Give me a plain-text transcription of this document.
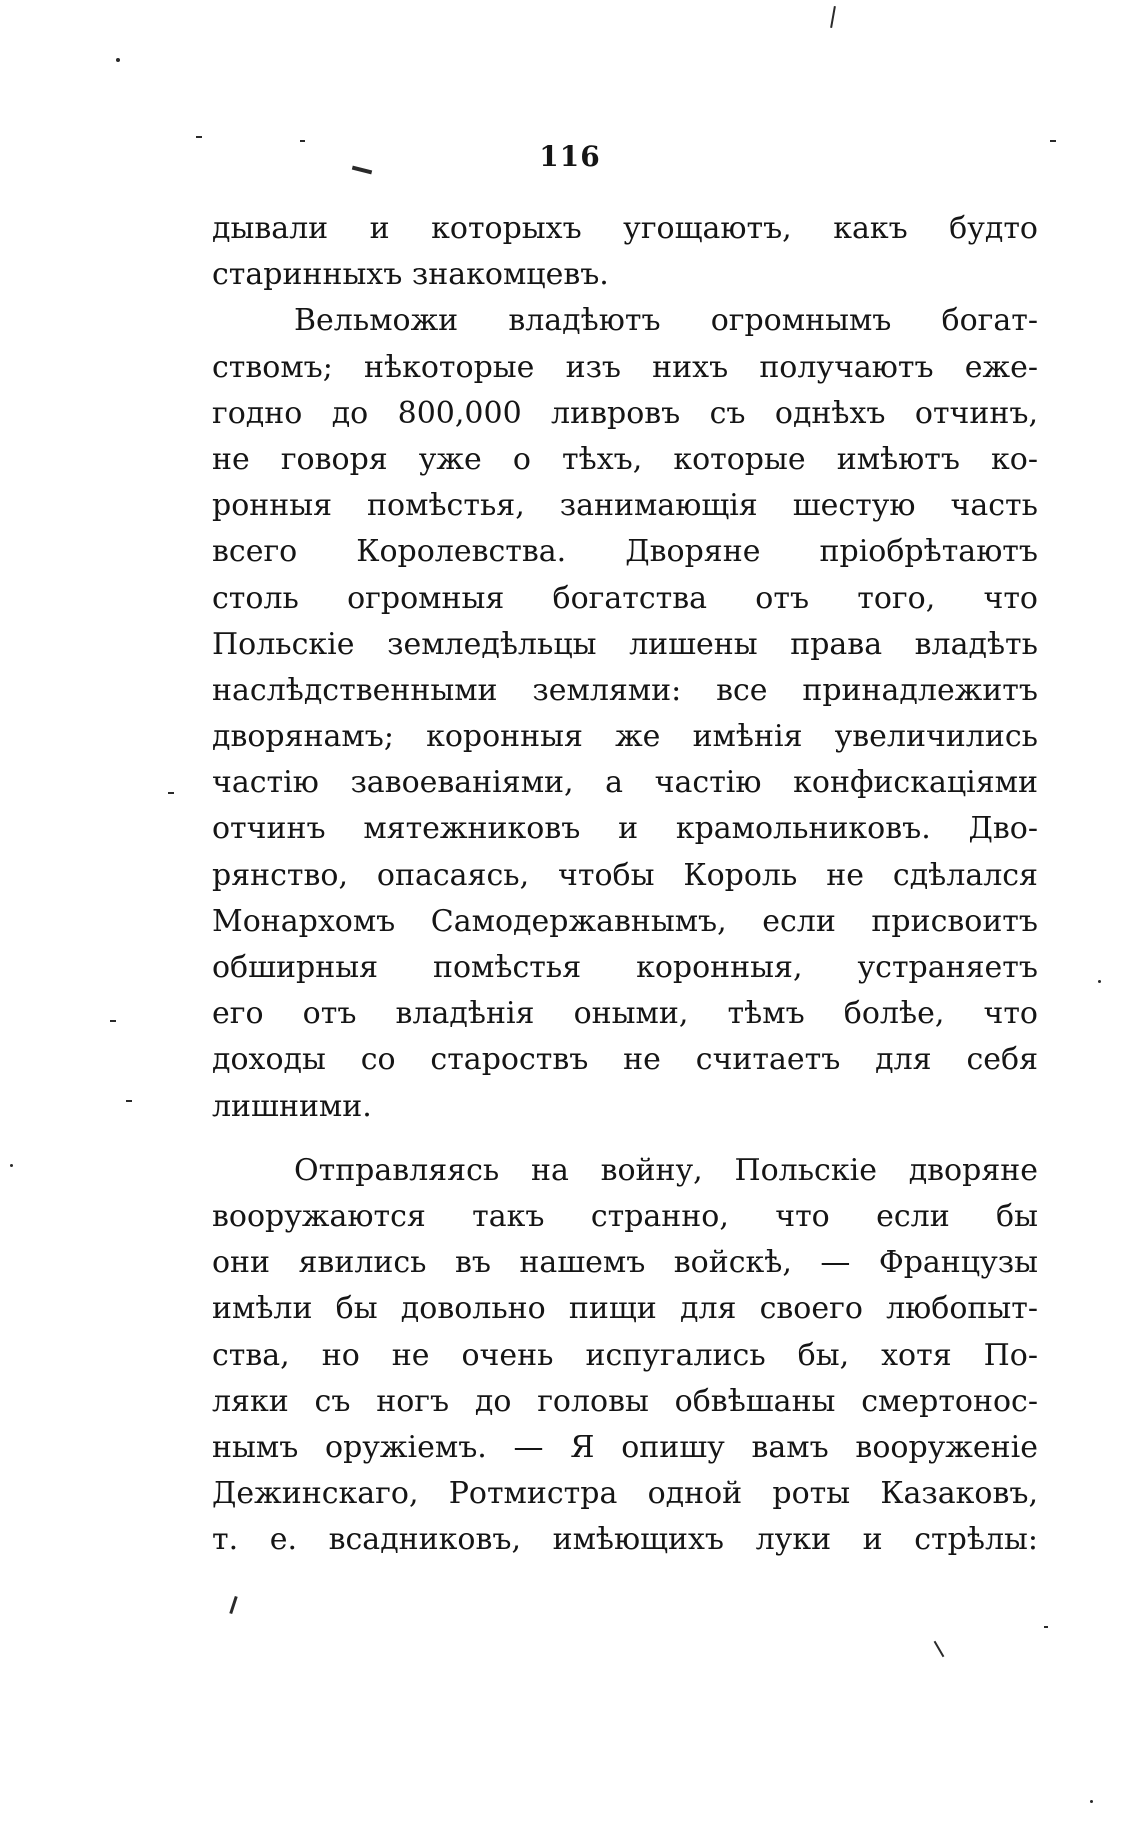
116
дывали и которыхъ угощаютъ, какъ будто
старинныхъ знакомцевъ.
Вельможи владѣютъ огромнымъ богат-
ствомъ; нѣкоторые изъ нихъ получаютъ еже-
годно до 800,000 ливровъ съ однѣхъ отчинъ,
не говоря уже о тѣхъ, которые имѣютъ ко-
ронныя помѣстья, занимающія шестую часть
всего Королевства. Дворяне пріобрѣтаютъ
столь огромныя богатства отъ того, что
Польскіе земледѣльцы лишены права владѣть
наслѣдственными землями: все принадлежитъ
дворянамъ; коронныя же имѣнія увеличились
частію завоеваніями, а частію конфискаціями
отчинъ мятежниковъ и крамольниковъ. Дво-
рянство, опасаясь, чтобы Король не сдѣлался
Монархомъ Самодержавнымъ, если присвоитъ
обширныя помѣстья коронныя, устраняетъ
его отъ владѣнія оными, тѣмъ болѣе, что
доходы со староствъ не считаетъ для себя
лишними.
Отправляясь на войну, Польскіе дворяне
вооружаются такъ странно, что если бы
они явились въ нашемъ войскѣ, — Французы
имѣли бы довольно пищи для своего любопыт-
ства, но не очень испугались бы, хотя По-
ляки съ ногъ до головы обвѣшаны смертонос-
нымъ оружіемъ. — Я опишу вамъ вооруженіе
Дежинскаго, Ротмистра одной роты Казаковъ,
т. е. всадниковъ, имѣющихъ луки и стрѣлы:
